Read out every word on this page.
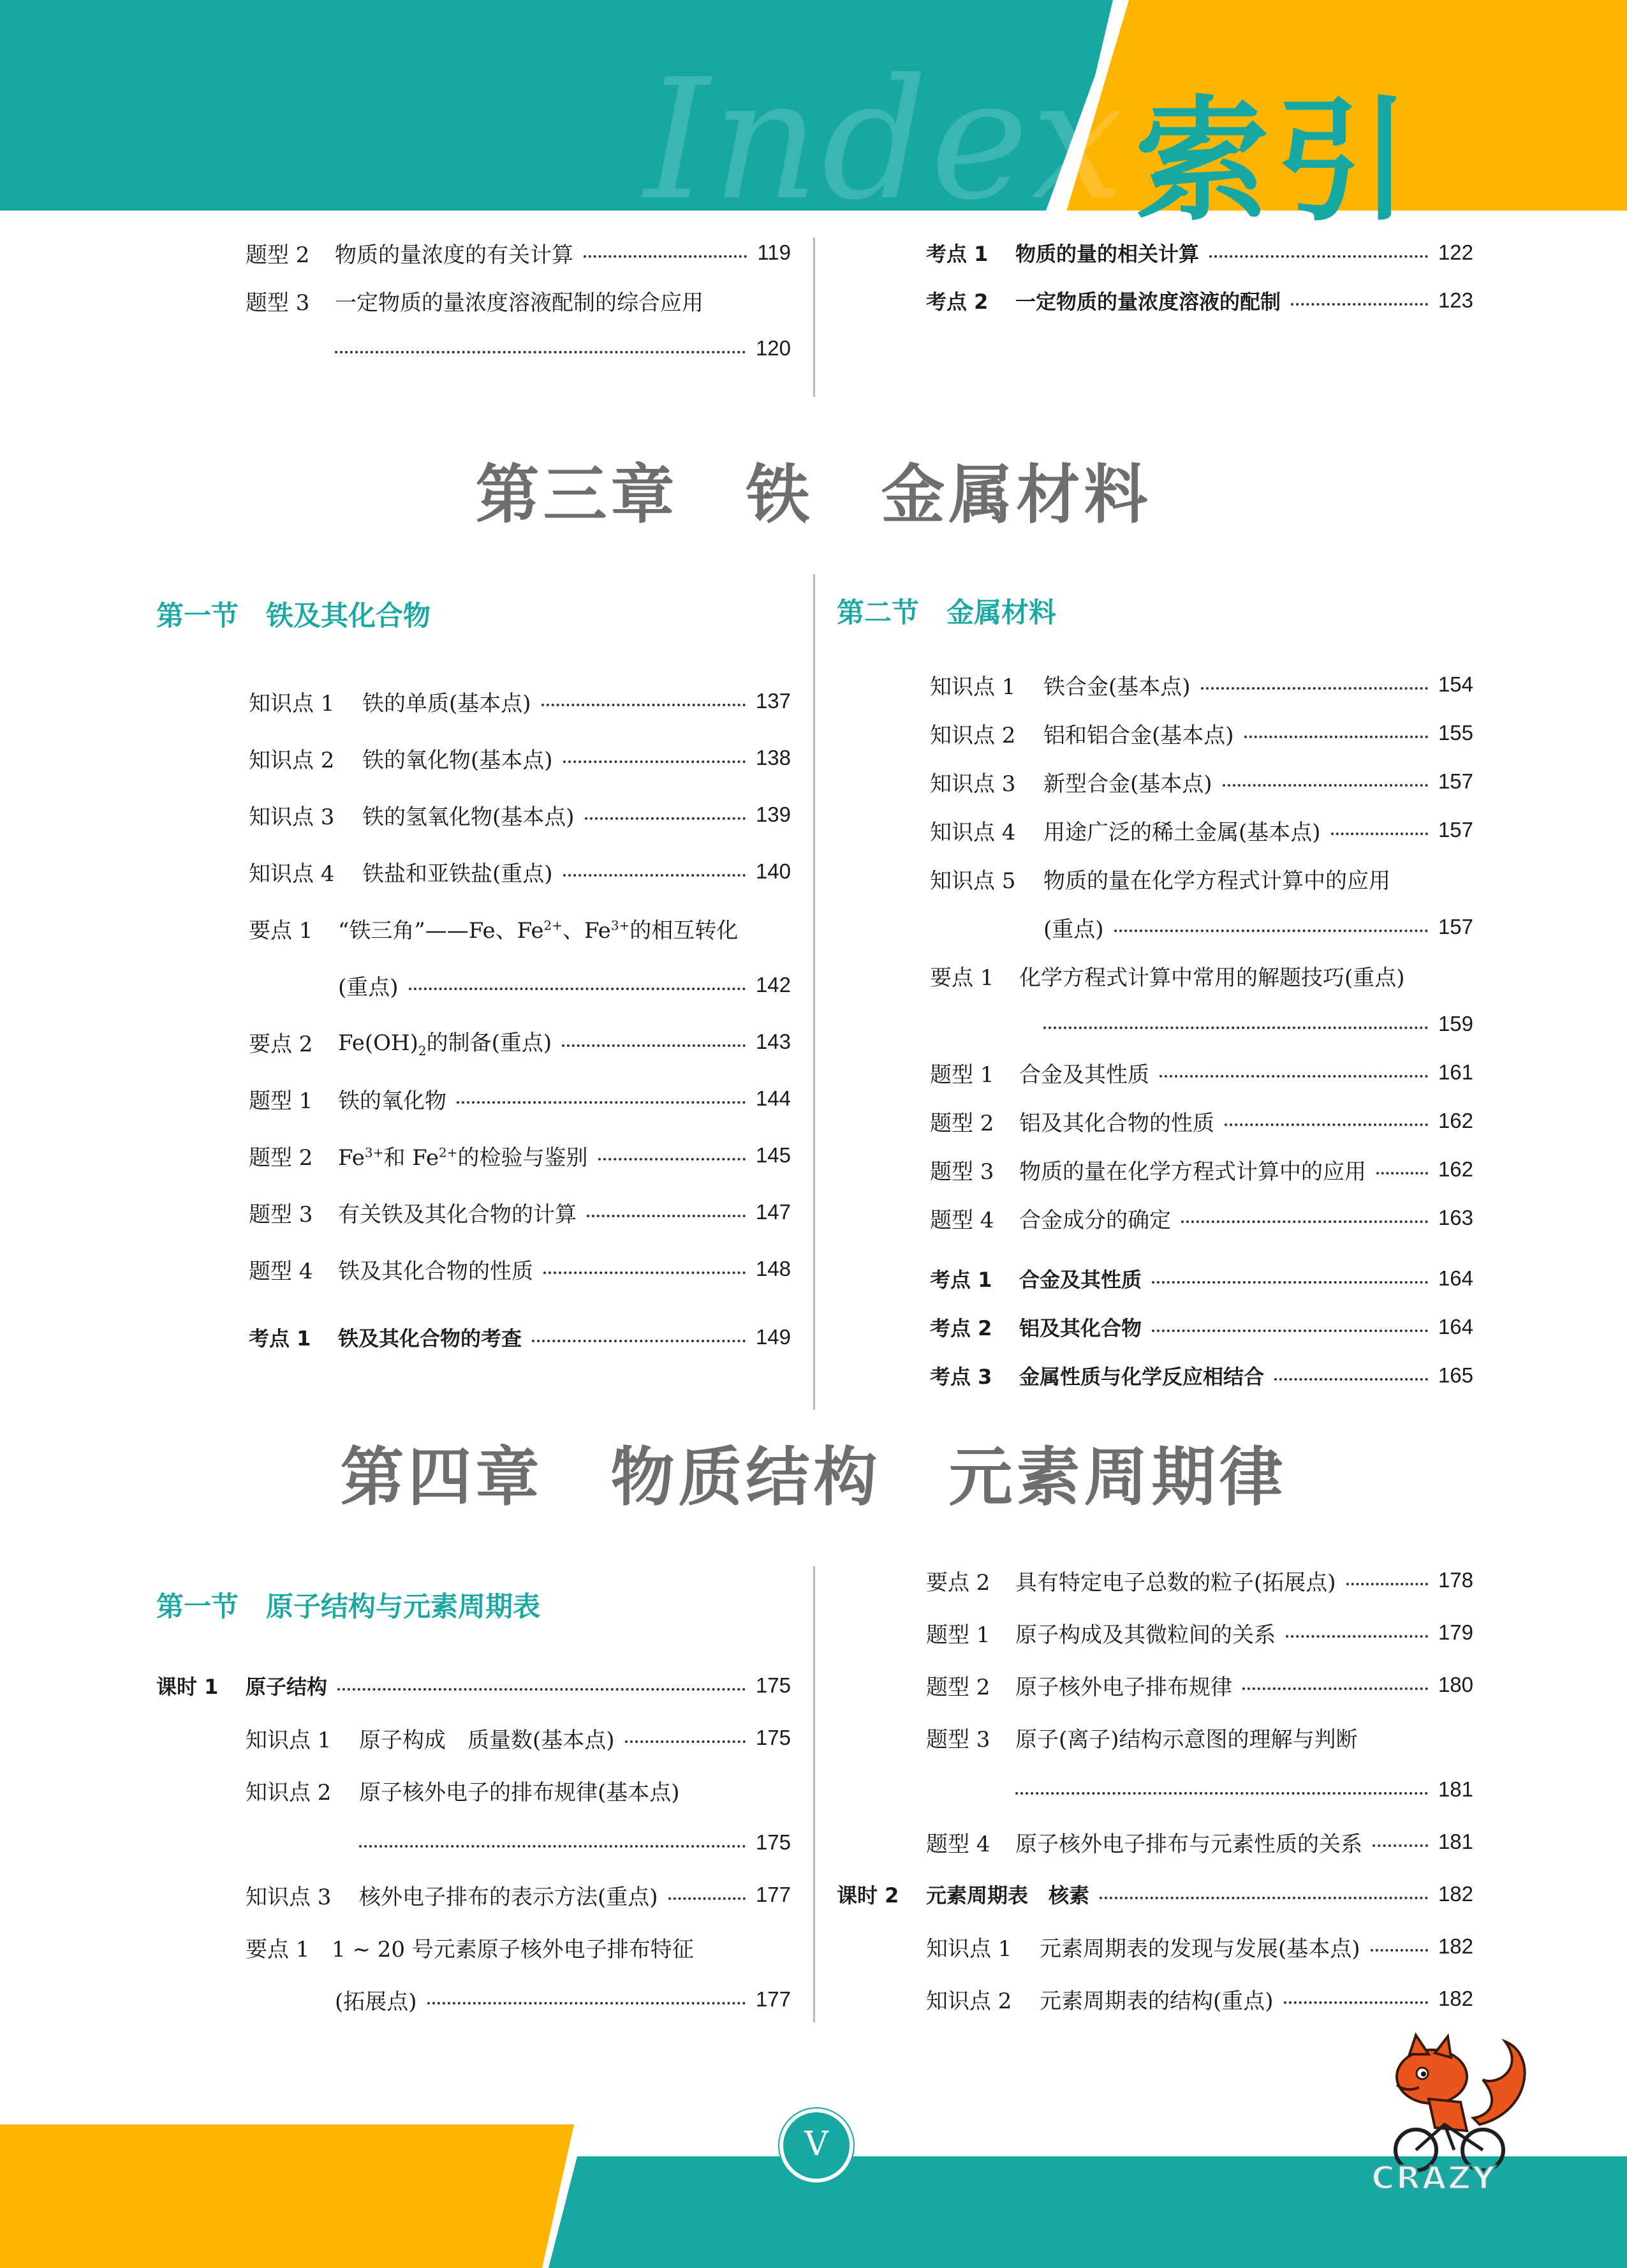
Index 索引
题型 2	物质的量浓度的有关计算	119
题型 3	一定物质的量浓度溶液配制的综合应用
120
考点 1	物质的量的相关计算	122
考点 2	一定物质的量浓度溶液的配制	123
第三章　铁　金属材料
第一节　铁及其化合物	第二节　金属材料
知识点 1	铁的单质(基本点)	137
知识点 2	铁的氧化物(基本点)	138
知识点 3	铁的氢氧化物(基本点)	139
知识点 4	铁盐和亚铁盐(重点)	140
要点 1	“铁三角”——Fe、$Fe^{2+}$、$Fe^{3+}$的相互转化
(重点)	142
要点 2	$Fe(OH)_2$的制备(重点)	143
题型 1	铁的氧化物	144
题型 2	$Fe^{3+}$和 $Fe^{2+}$的检验与鉴别	145
题型 3	有关铁及其化合物的计算	147
题型 4	铁及其化合物的性质	148
考点 1	铁及其化合物的考查	149
知识点 1	铁合金(基本点)	154
知识点 2	铝和铝合金(基本点)	155
知识点 3	新型合金(基本点)	157
知识点 4	用途广泛的稀土金属(基本点)	157
知识点 5	物质的量在化学方程式计算中的应用
(重点)	157
要点 1	化学方程式计算中常用的解题技巧(重点)
159
题型 1	合金及其性质	161
题型 2	铝及其化合物的性质	162
题型 3	物质的量在化学方程式计算中的应用	162
题型 4	合金成分的确定	163
考点 1	合金及其性质	164
考点 2	铝及其化合物	164
考点 3	金属性质与化学反应相结合	165
第四章　物质结构　元素周期律
第一节　原子结构与元素周期表
课时 1	原子结构	175
知识点 1	原子构成　质量数(基本点)	175
知识点 2	原子核外电子的排布规律(基本点)
175
知识点 3	核外电子排布的表示方法(重点)	177
要点 1	1 ~ 20 号元素原子核外电子排布特征
(拓展点)	177
要点 2	具有特定电子总数的粒子(拓展点)	178
题型 1	原子构成及其微粒间的关系	179
题型 2	原子核外电子排布规律	180
题型 3	原子(离子)结构示意图的理解与判断
181
题型 4	原子核外电子排布与元素性质的关系	181
课时 2	元素周期表　核素	182
知识点 1	元素周期表的发现与发展(基本点)	182
知识点 2	元素周期表的结构(重点)	182
V
CRAZY
